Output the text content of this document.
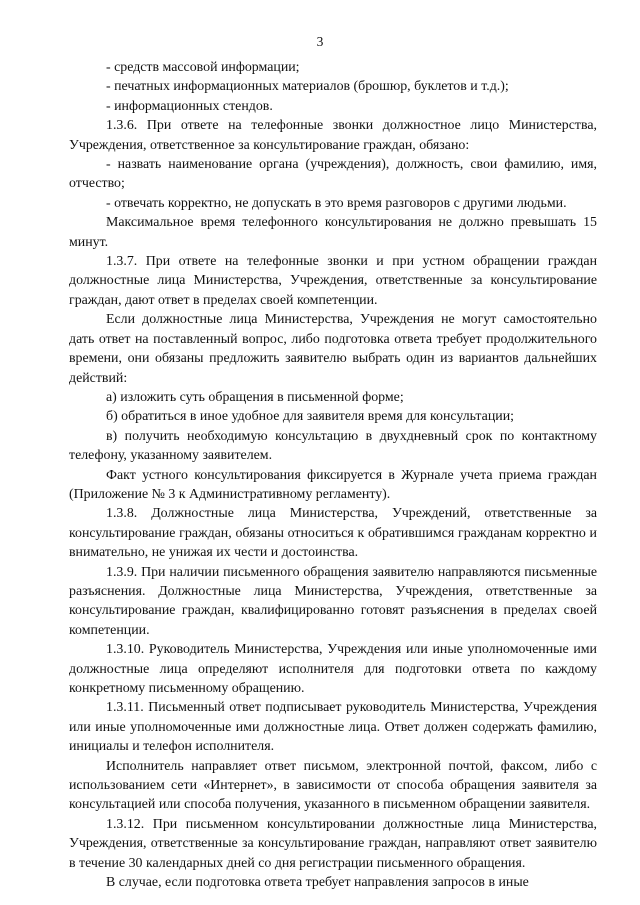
3

- средств массовой информации;

- печатных информационных материалов (брошюр, буклетов и т.д.);

- информационных стендов.

1.3.6. При ответе на телефонные звонки должностное лицо Министерства, Учреждения, ответственное за консультирование граждан, обязано:

- назвать наименование органа (учреждения), должность, свои фамилию, имя, отчество;

- отвечать корректно, не допускать в это время разговоров с другими людьми.

Максимальное время телефонного консультирования не должно превышать 15 минут.

1.3.7. При ответе на телефонные звонки и при устном обращении граждан должностные лица Министерства, Учреждения, ответственные за консультирование граждан, дают ответ в пределах своей компетенции.

Если должностные лица Министерства, Учреждения не могут самостоятельно дать ответ на поставленный вопрос, либо подготовка ответа требует продолжительного времени, они обязаны предложить заявителю выбрать один из вариантов дальнейших действий:

а) изложить суть обращения в письменной форме;

б) обратиться в иное удобное для заявителя время для консультации;

в) получить необходимую консультацию в двухдневный срок по контактному телефону, указанному заявителем.

Факт устного консультирования фиксируется в Журнале учета приема граждан (Приложение № 3 к Административному регламенту).

1.3.8. Должностные лица Министерства, Учреждений, ответственные за консультирование граждан, обязаны относиться к обратившимся гражданам корректно и внимательно, не унижая их чести и достоинства.

1.3.9. При наличии письменного обращения заявителю направляются письменные разъяснения. Должностные лица Министерства, Учреждения, ответственные за консультирование граждан, квалифицированно готовят разъяснения в пределах своей компетенции.

1.3.10. Руководитель Министерства, Учреждения или иные уполномоченные ими должностные лица определяют исполнителя для подготовки ответа по каждому конкретному письменному обращению.

1.3.11. Письменный ответ подписывает руководитель Министерства, Учреждения или иные уполномоченные ими должностные лица. Ответ должен содержать фамилию, инициалы и телефон исполнителя.

Исполнитель направляет ответ письмом, электронной почтой, факсом, либо с использованием сети «Интернет», в зависимости от способа обращения заявителя за консультацией или способа получения, указанного в письменном обращении заявителя.

1.3.12. При письменном консультировании должностные лица Министерства, Учреждения, ответственные за консультирование граждан, направляют ответ заявителю в течение 30 календарных дней со дня регистрации письменного обращения.

В случае, если подготовка ответа требует направления запросов в иные
